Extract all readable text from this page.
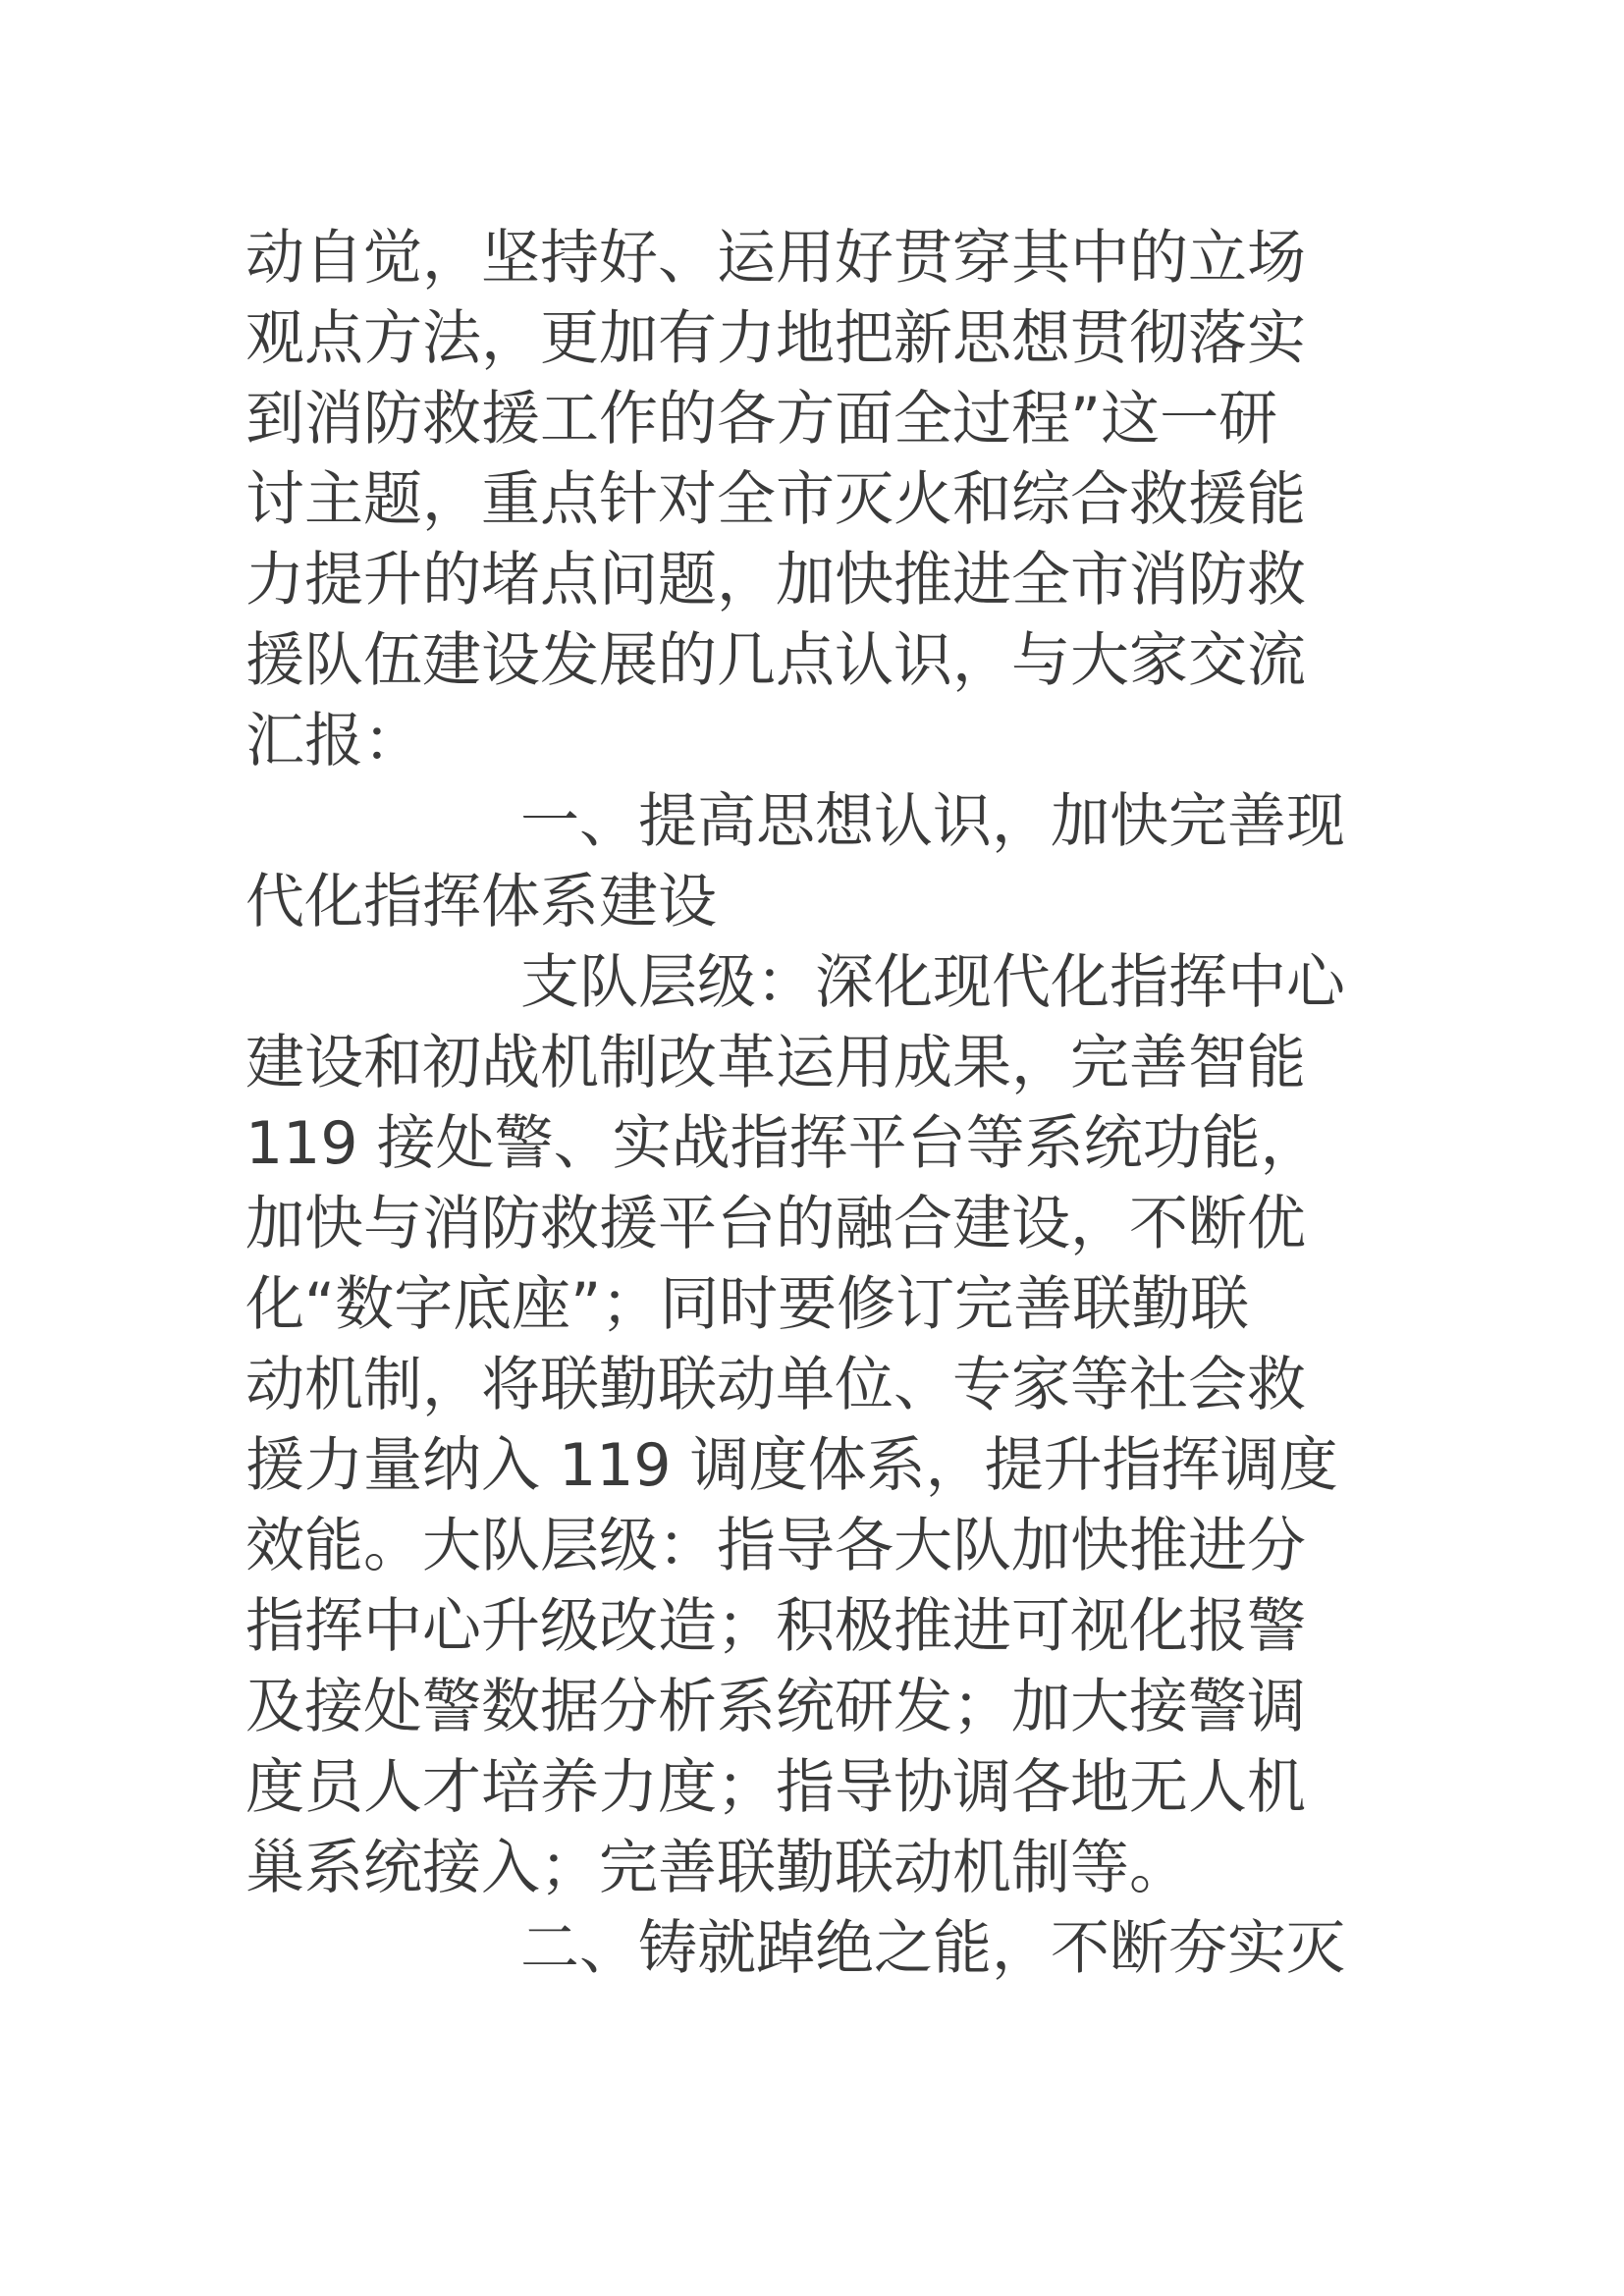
动自觉，坚持好、运用好贯穿其中的立场
观点方法，更加有力地把新思想贯彻落实
到消防救援工作的各方面全过程”这一研
讨主题，重点针对全市灭火和综合救援能
力提升的堵点问题，加快推进全市消防救
援队伍建设发展的几点认识，与大家交流
汇报：
一、提高思想认识，加快完善现
代化指挥体系建设
支队层级：深化现代化指挥中心
建设和初战机制改革运用成果，完善智能
119 接处警、实战指挥平台等系统功能，
加快与消防救援平台的融合建设，不断优
化“数字底座”；同时要修订完善联勤联
动机制，将联勤联动单位、专家等社会救
援力量纳入 119 调度体系，提升指挥调度
效能。大队层级：指导各大队加快推进分
指挥中心升级改造；积极推进可视化报警
及接处警数据分析系统研发；加大接警调
度员人才培养力度；指导协调各地无人机
巢系统接入；完善联勤联动机制等。
二、铸就踔绝之能，不断夯实灭
